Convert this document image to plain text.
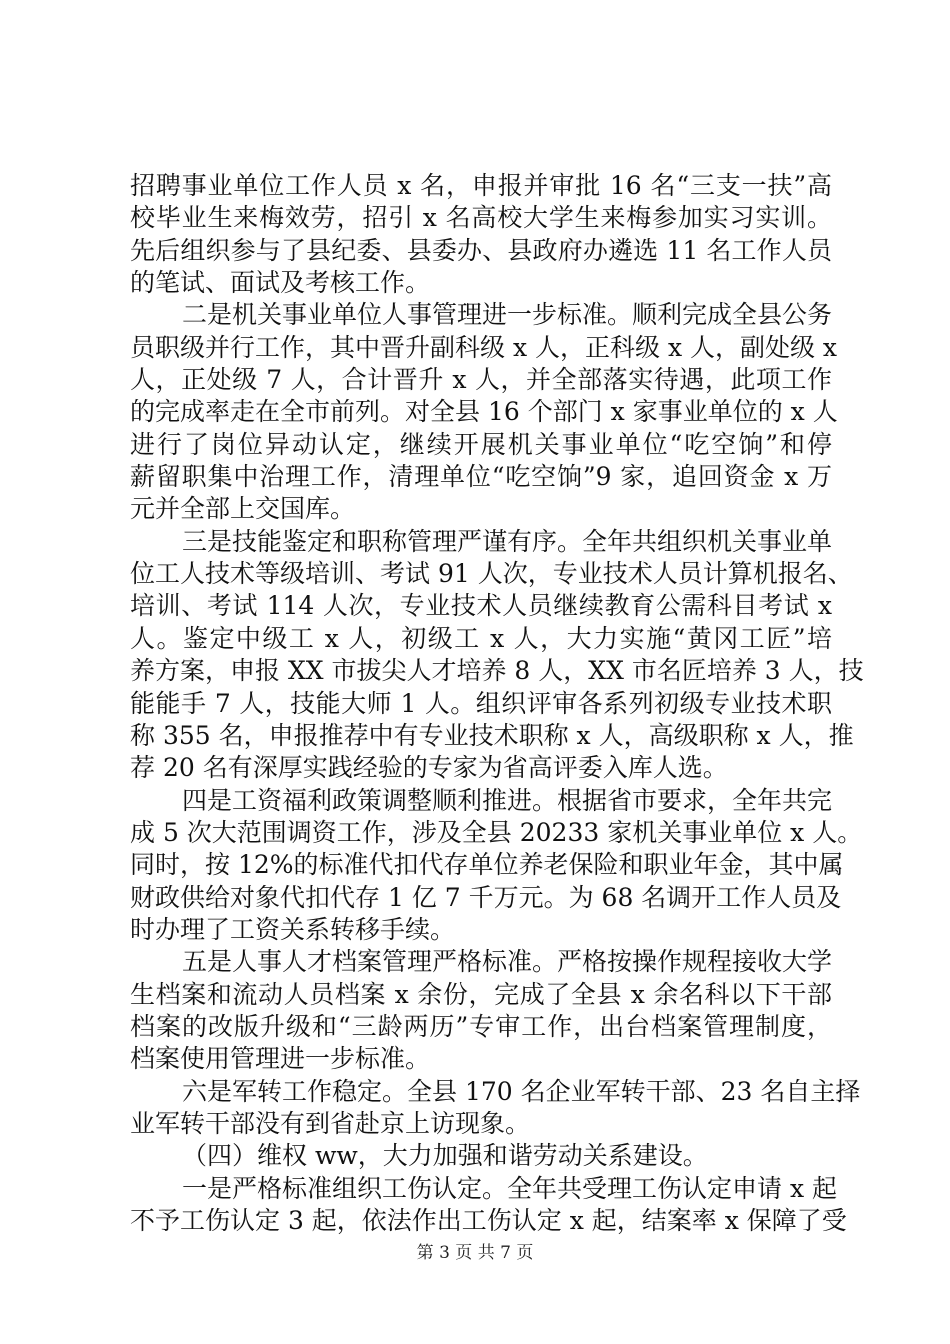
招聘事业单位工作人员 x 名，申报并审批 16 名“三支一扶”高
校毕业生来梅效劳，招引 x 名高校大学生来梅参加实习实训。
先后组织参与了县纪委、县委办、县政府办遴选 11 名工作人员
的笔试、面试及考核工作。
二是机关事业单位人事管理进一步标准。顺利完成全县公务
员职级并行工作，其中晋升副科级 x 人，正科级 x 人，副处级 x
人，正处级 7 人，合计晋升 x 人，并全部落实待遇，此项工作
的完成率走在全市前列。对全县 16 个部门 x 家事业单位的 x 人
进行了岗位异动认定，继续开展机关事业单位“吃空饷”和停
薪留职集中治理工作，清理单位“吃空饷”9 家，追回资金 x 万
元并全部上交国库。
三是技能鉴定和职称管理严谨有序。全年共组织机关事业单
位工人技术等级培训、考试 91 人次，专业技术人员计算机报名、
培训、考试 114 人次，专业技术人员继续教育公需科目考试 x
人。鉴定中级工 x 人，初级工 x 人，大力实施“黄冈工匠”培
养方案，申报 XX 市拔尖人才培养 8 人，XX 市名匠培养 3 人，技
能能手 7 人，技能大师 1 人。组织评审各系列初级专业技术职
称 355 名，申报推荐中有专业技术职称 x 人，高级职称 x 人，推
荐 20 名有深厚实践经验的专家为省高评委入库人选。
四是工资福利政策调整顺利推进。根据省市要求，全年共完
成 5 次大范围调资工作，涉及全县 20233 家机关事业单位 x 人。
同时，按 12%的标准代扣代存单位养老保险和职业年金，其中属
财政供给对象代扣代存 1 亿 7 千万元。为 68 名调开工作人员及
时办理了工资关系转移手续。
五是人事人才档案管理严格标准。严格按操作规程接收大学
生档案和流动人员档案 x 余份，完成了全县 x 余名科以下干部
档案的改版升级和“三龄两历”专审工作，出台档案管理制度，
档案使用管理进一步标准。
六是军转工作稳定。全县 170 名企业军转干部、23 名自主择
业军转干部没有到省赴京上访现象。
（四）维权 ww，大力加强和谐劳动关系建设。
一是严格标准组织工伤认定。全年共受理工伤认定申请 x 起
不予工伤认定 3 起，依法作出工伤认定 x 起，结案率 x 保障了受
第 3 页 共 7 页
